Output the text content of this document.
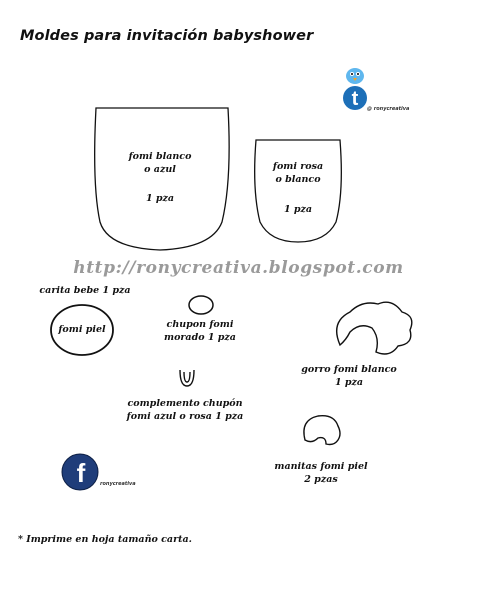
Moldes para invitación babyshower
t @ ronycreativa
fomi blanco
o azul
1 pza
fomi rosa
o blanco
1 pza
http://ronycreativa.blogspot.com
carita bebe 1 pza
fomi piel	chupon fomi
morado 1 pza
complemento chupón
fomi azul o rosa 1 pza
gorro fomi blanco
1 pza
manitas fomi piel
2 pzas
f	ronycreativa
* Imprime en hoja tamaño carta.
